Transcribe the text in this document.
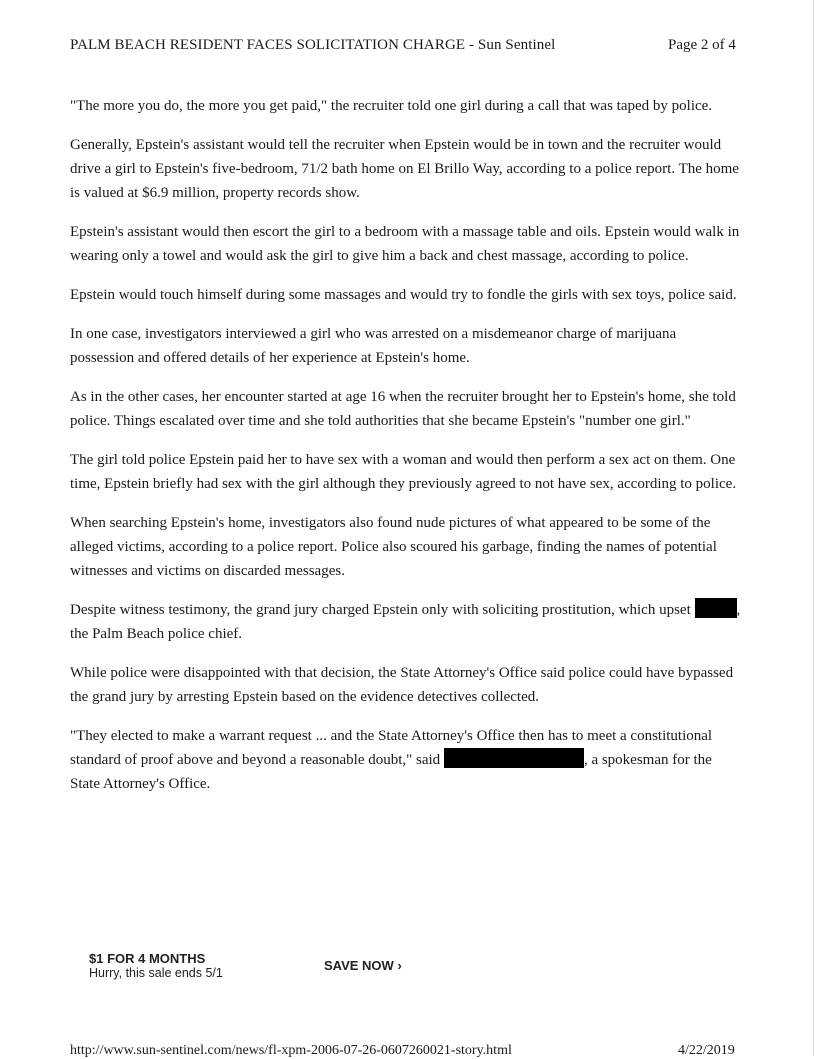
PALM BEACH RESIDENT FACES SOLICITATION CHARGE - Sun Sentinel	Page 2 of 4

"The more you do, the more you get paid," the recruiter told one girl during a call that was taped by police.

Generally, Epstein's assistant would tell the recruiter when Epstein would be in town and the recruiter would drive a girl to Epstein's five-bedroom, 71/2 bath home on El Brillo Way, according to a police report. The home is valued at $6.9 million, property records show.

Epstein's assistant would then escort the girl to a bedroom with a massage table and oils. Epstein would walk in wearing only a towel and would ask the girl to give him a back and chest massage, according to police.

Epstein would touch himself during some massages and would try to fondle the girls with sex toys, police said.

In one case, investigators interviewed a girl who was arrested on a misdemeanor charge of marijuana possession and offered details of her experience at Epstein's home.

As in the other cases, her encounter started at age 16 when the recruiter brought her to Epstein's home, she told police. Things escalated over time and she told authorities that she became Epstein's "number one girl."

The girl told police Epstein paid her to have sex with a woman and would then perform a sex act on them. One time, Epstein briefly had sex with the girl although they previously agreed to not have sex, according to police.

When searching Epstein's home, investigators also found nude pictures of what appeared to be some of the alleged victims, according to a police report. Police also scoured his garbage, finding the names of potential witnesses and victims on discarded messages.

Despite witness testimony, the grand jury charged Epstein only with soliciting prostitution, which upset	, the Palm Beach police chief.

While police were disappointed with that decision, the State Attorney's Office said police could have bypassed the grand jury by arresting Epstein based on the evidence detectives collected.

"They elected to make a warrant request ... and the State Attorney's Office then has to meet a constitutional standard of proof above and beyond a reasonable doubt," said	, a spokesman for the State Attorney's Office.

$1 FOR 4 MONTHS
Hurry, this sale ends 5/1	SAVE NOW ›
http://www.sun-sentinel.com/news/fl-xpm-2006-07-26-0607260021-story.html	4/22/2019
